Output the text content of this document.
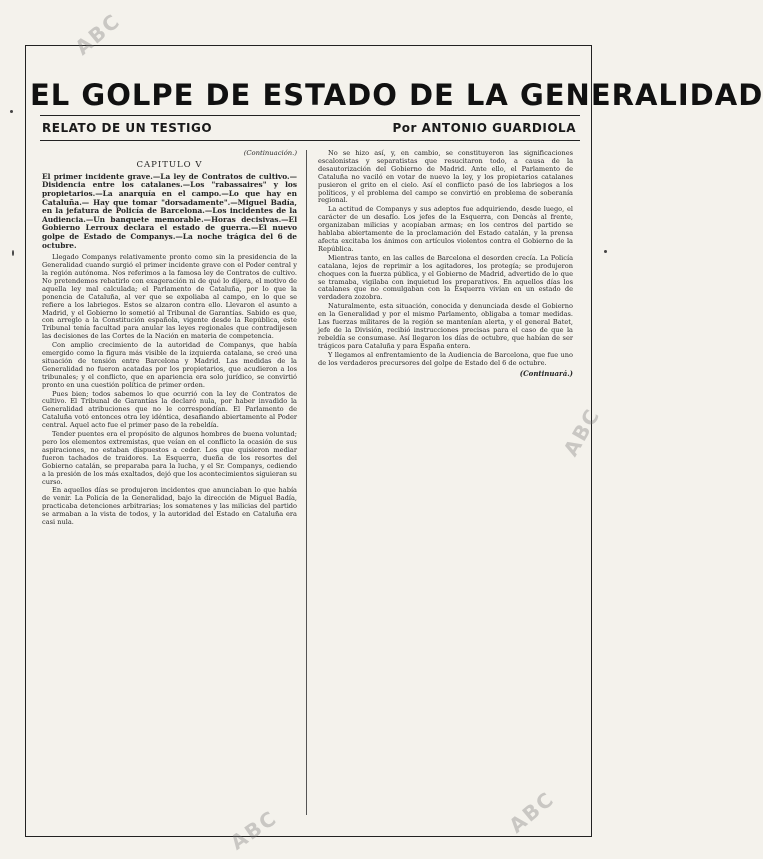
ABC
ABC
ABC	ABC
EL GOLPE DE ESTADO DE LA GENERALIDAD
RELATO DE UN TESTIGO	Por ANTONIO GUARDIOLA
(Continuación.)
CAPITULO V
El primer incidente grave.—La ley de Contratos de cultivo.—Disidencia entre los catalanes.—Los "rabassaires" y los propietarios.—La anarquía en el campo.—Lo que hay en Cataluña.— Hay que tomar "dorsadamente".—Miguel Badía, en la jefatura de Policía de Barcelona.—Los incidentes de la Audiencia.—Un banquete memorable.—Horas decisivas.—El Gobierno Lerroux declara el estado de guerra.—El nuevo golpe de Estado de Companys.—La noche trágica del 6 de octubre.

Llegado Companys relativamente pronto como sin la presidencia de la Generalidad cuando surgió el primer incidente grave con el Poder central y la región autónoma. Nos referimos a la famosa ley de Contratos de cultivo. No pretendemos rebatirlo con exageración ni de qué lo dijera, el motivo de aquella ley mal calculada; el Parlamento de Cataluña, por lo que la ponencia de Cataluña, al ver que se expoliaba al campo, en lo que se refiere a los labriegos. Estos se alzaron contra ello. Llevaron el asunto a Madrid, y el Gobierno lo sometió al Tribunal de Garantías. Sabido es que, con arreglo a la Constitución española, vigente desde la República, este Tribunal tenía facultad para anular las leyes regionales que contradijesen las decisiones de las Cortes de la Nación en materia de competencia.

Con amplio crecimiento de la autoridad de Companys, que había emergido como la figura más visible de la izquierda catalana, se creó una situación de tensión entre Barcelona y Madrid. Las medidas de la Generalidad no fueron acatadas por los propietarios, que acudieron a los tribunales; y el conflicto, que en apariencia era solo jurídico, se convirtió pronto en una cuestión política de primer orden.

Pues bien; todos sabemos lo que ocurrió con la ley de Contratos de cultivo. El Tribunal de Garantías la declaró nula, por haber invadido la Generalidad atribuciones que no le correspondían. El Parlamento de Cataluña votó entonces otra ley idéntica, desafiando abiertamente al Poder central. Aquel acto fue el primer paso de la rebeldía.

Tender puentes era el propósito de algunos hombres de buena voluntad; pero los elementos extremistas, que veían en el conflicto la ocasión de sus aspiraciones, no estaban dispuestos a ceder. Los que quisieron mediar fueron tachados de traidores. La Esquerra, dueña de los resortes del Gobierno catalán, se preparaba para la lucha, y el Sr. Companys, cediendo a la presión de los más exaltados, dejó que los acontecimientos siguieran su curso.

En aquellos días se produjeron incidentes que anunciaban lo que había de venir. La Policía de la Generalidad, bajo la dirección de Miguel Badía, practicaba detenciones arbitrarias; los somatenes y las milicias del partido se armaban a la vista de todos, y la autoridad del Estado en Cataluña era casi nula.

No se hizo así, y, en cambio, se constituyeron las significaciones escalonistas y separatistas que resucitaron todo, a causa de la desautorización del Gobierno de Madrid. Ante ello, el Parlamento de Cataluña no vaciló en votar de nuevo la ley, y los propietarios catalanes pusieron el grito en el cielo. Así el conflicto pasó de los labriegos a los políticos, y el problema del campo se convirtió en problema de soberanía regional.

La actitud de Companys y sus adeptos fue adquiriendo, desde luego, el carácter de un desafío. Los jefes de la Esquerra, con Dencàs al frente, organizaban milicias y acopiaban armas; en los centros del partido se hablaba abiertamente de la proclamación del Estado catalán, y la prensa afecta excitaba los ánimos con artículos violentos contra el Gobierno de la República.

Mientras tanto, en las calles de Barcelona el desorden crecía. La Policía catalana, lejos de reprimir a los agitadores, los protegía; se produjeron choques con la fuerza pública, y el Gobierno de Madrid, advertido de lo que se tramaba, vigilaba con inquietud los preparativos. En aquellos días los catalanes que no comulgaban con la Esquerra vivían en un estado de verdadera zozobra.

Naturalmente, esta situación, conocida y denunciada desde el Gobierno en la Generalidad y por el mismo Parlamento, obligaba a tomar medidas. Las fuerzas militares de la región se mantenían alerta, y el general Batet, jefe de la División, recibió instrucciones precisas para el caso de que la rebeldía se consumase. Así llegaron los días de octubre, que habían de ser trágicos para Cataluña y para España entera.

Y llegamos al enfrentamiento de la Audiencia de Barcelona, que fue uno de los verdaderos precursores del golpe de Estado del 6 de octubre.

(Continuará.)
